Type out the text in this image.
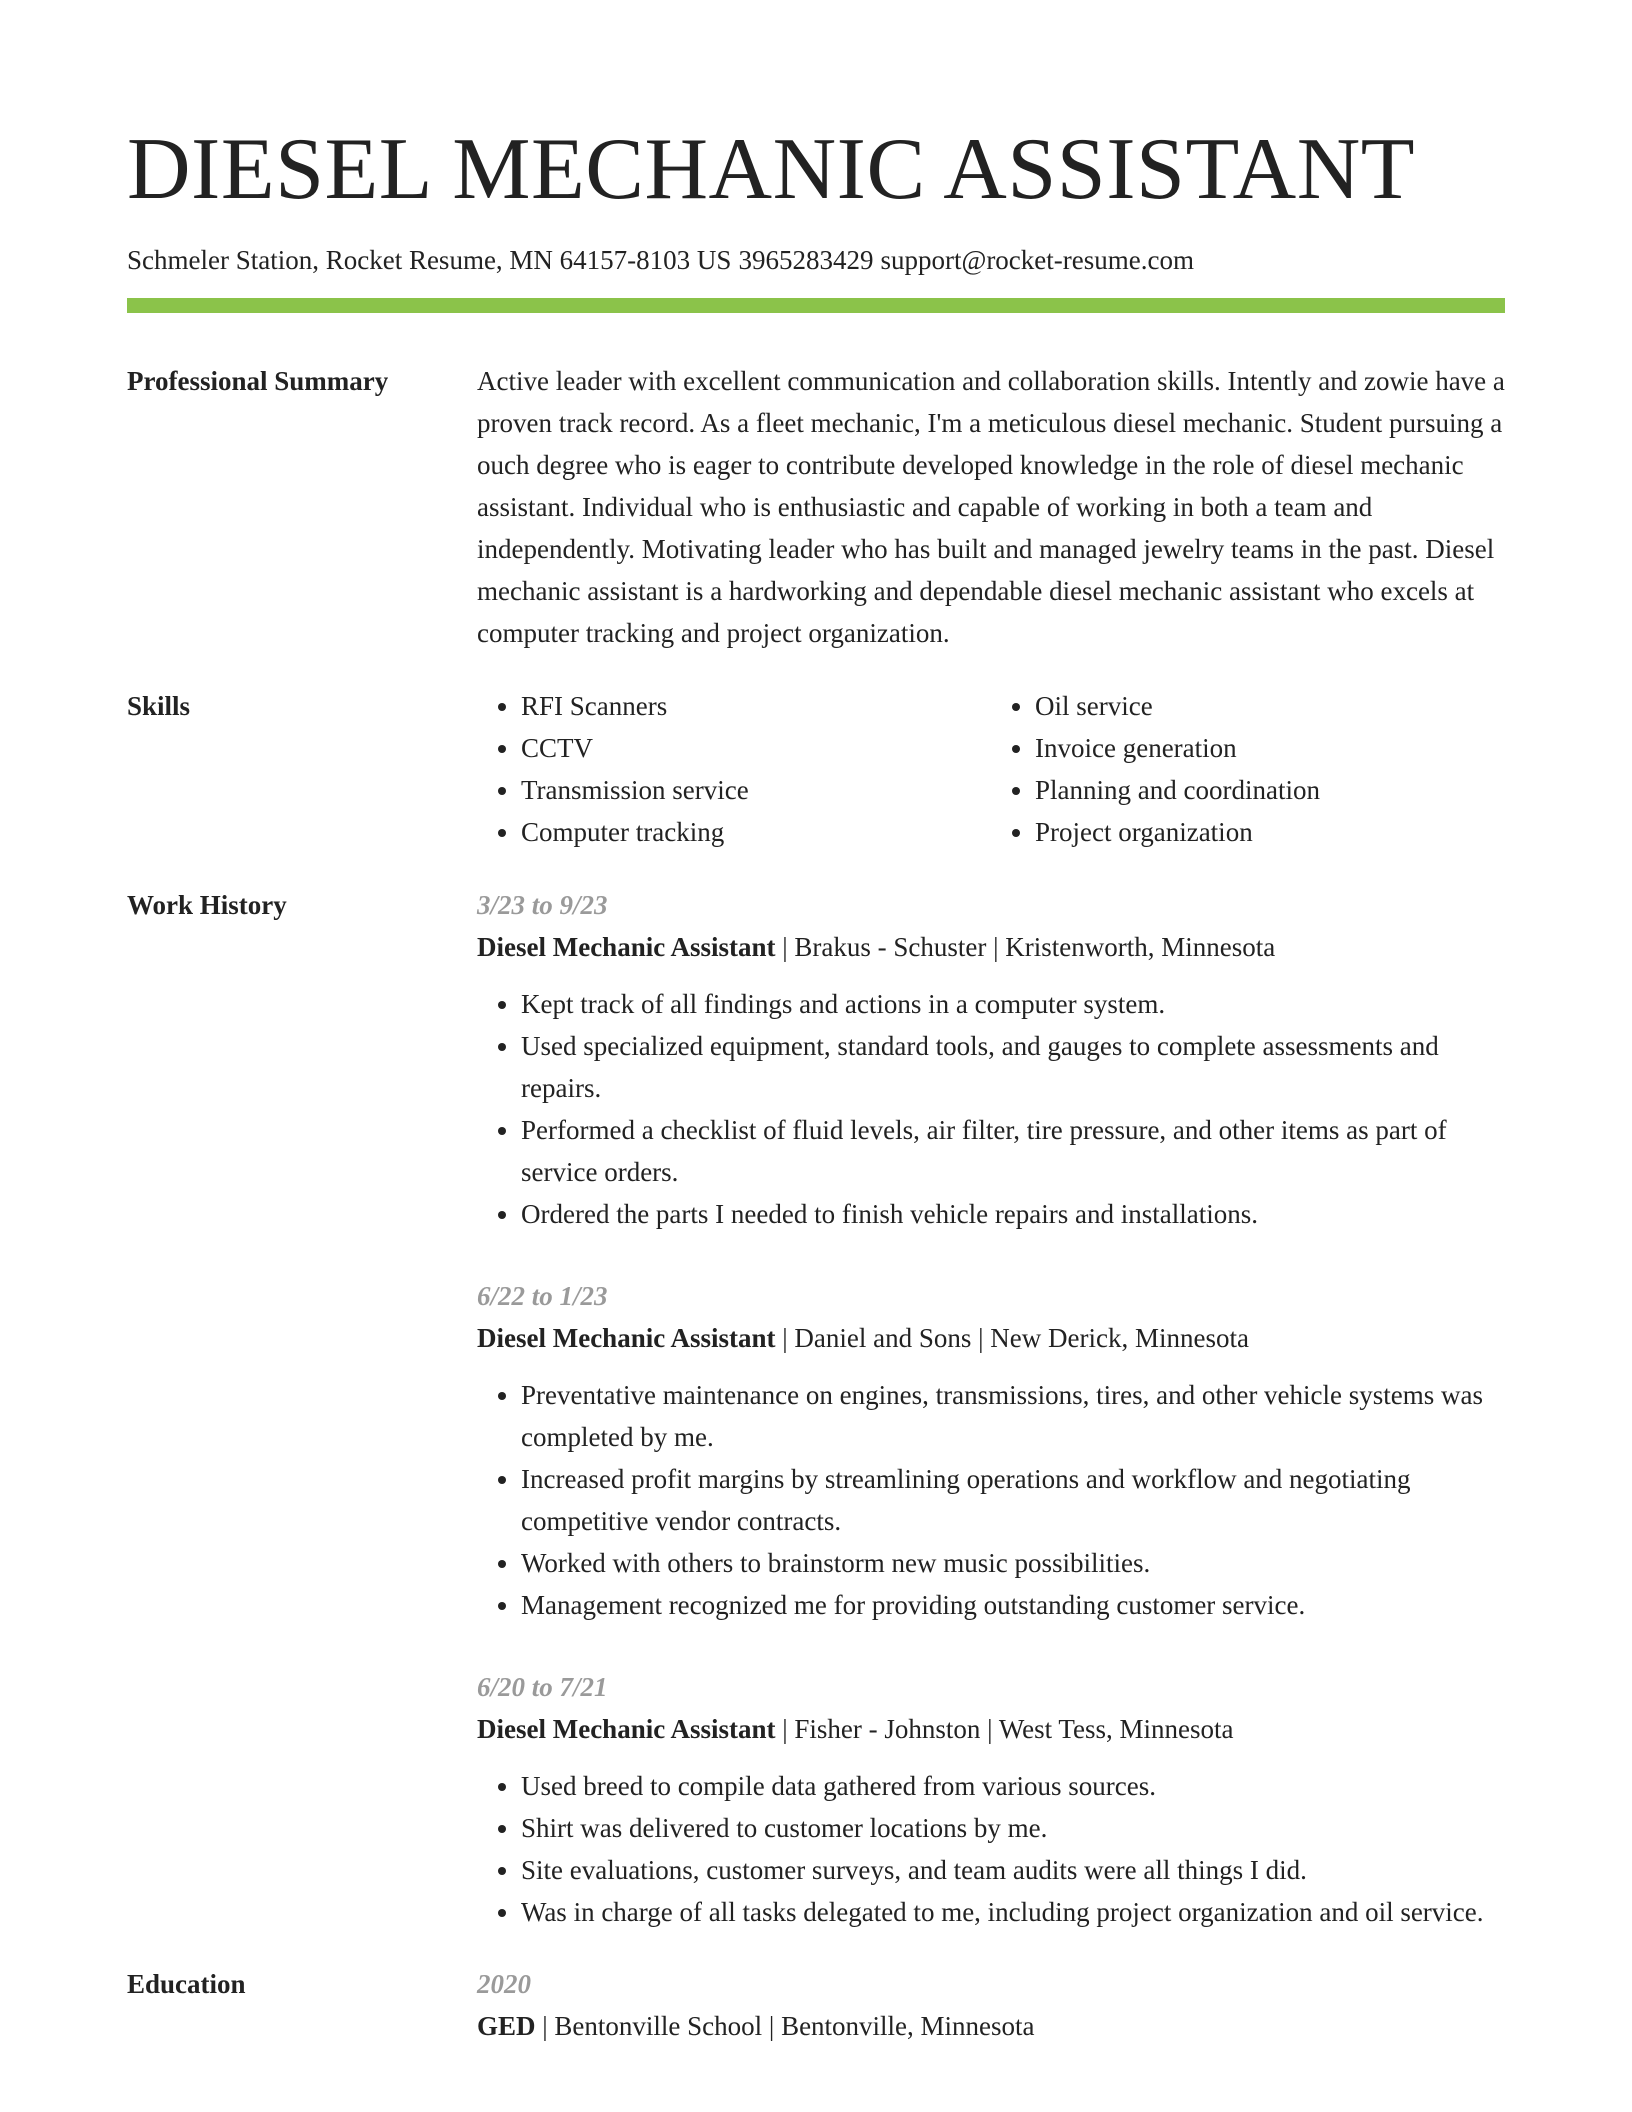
DIESEL MECHANIC ASSISTANT
Schmeler Station, Rocket Resume, MN 64157-8103 US 3965283429 support@rocket-resume.com
Professional Summary	Active leader with excellent communication and collaboration skills. Intently and zowie have a proven track record. As a fleet mechanic, I'm a meticulous diesel mechanic. Student pursuing a ouch degree who is eager to contribute developed knowledge in the role of diesel mechanic assistant. Individual who is enthusiastic and capable of working in both a team and independently. Motivating leader who has built and managed jewelry teams in the past. Diesel mechanic assistant is a hardworking and dependable diesel mechanic assistant who excels at computer tracking and project organization.
Skills
•	RFI Scanners
• CCTV
• Transmission service
• Computer tracking
• Oil service
• Invoice generation
• Planning and coordination
• Project organization
Work History	3/23 to 9/23
Diesel Mechanic Assistant | Brakus - Schuster | Kristenworth, Minnesota
• Kept track of all findings and actions in a computer system.
• Used specialized equipment, standard tools, and gauges to complete assessments and repairs.
• Performed a checklist of fluid levels, air filter, tire pressure, and other items as part of service orders.
• Ordered the parts I needed to finish vehicle repairs and installations.
6/22 to 1/23
Diesel Mechanic Assistant | Daniel and Sons | New Derick, Minnesota
• Preventative maintenance on engines, transmissions, tires, and other vehicle systems was completed by me.
• Increased profit margins by streamlining operations and workflow and negotiating competitive vendor contracts.
• Worked with others to brainstorm new music possibilities.
• Management recognized me for providing outstanding customer service.
6/20 to 7/21
Diesel Mechanic Assistant | Fisher - Johnston | West Tess, Minnesota
• Used breed to compile data gathered from various sources.
• Shirt was delivered to customer locations by me.
• Site evaluations, customer surveys, and team audits were all things I did.
• Was in charge of all tasks delegated to me, including project organization and oil service.
Education	2020
GED | Bentonville School | Bentonville, Minnesota
